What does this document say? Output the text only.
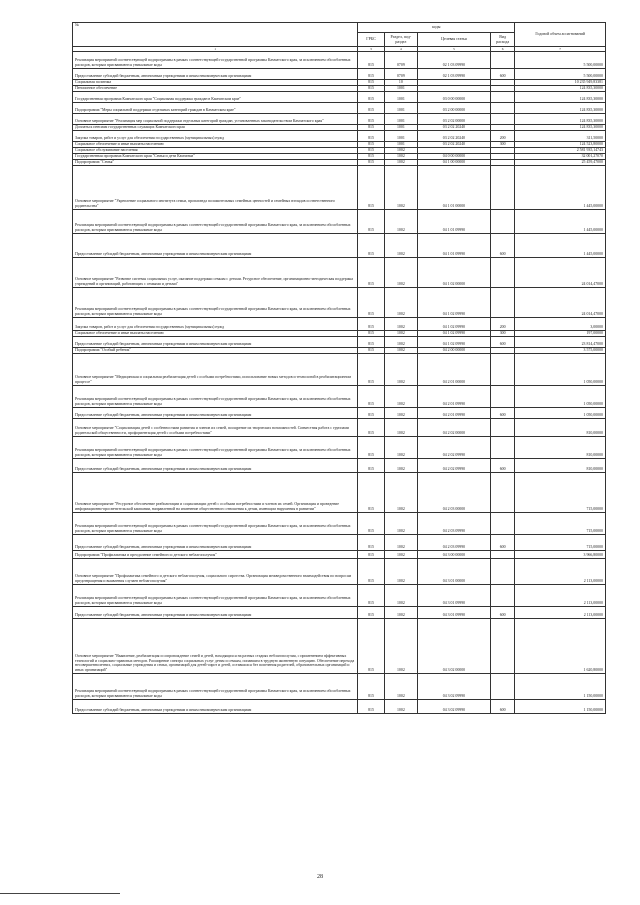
№	коды				Годовой объем ассигнований
	ГРБС	Раздел, под- раздел	Целевая статья	Вид расхода	
1	3	4	5	6	7
Реализация мероприятий соответствующей подпрограммы в рамках соответствующей государственной программы Камчатского края, за исключением обособленных расходов, которым присваиваются уникальные коды	815	0709	02 1 03 09990		5 500,00000
Предоставление субсидий бюджетным, автономным учреждениям и иным некоммерческим организациям	815	0709	02 1 03 09990	600	5 500,00000
Социальная политика	815	10			10 235 949,83381
Пенсионное обеспечение	815	1001			124 835,30000
Государственная программа Камчатского края "Социальная поддержка граждан в Камчатском крае"	815	1001	03 0 00 00000		124 835,30000
Подпрограмма "Меры социальной поддержки отдельных категорий граждан в Камчатском крае"	815	1001	03 2 00 00000		124 835,30000
Основное мероприятие "Реализация мер социальной поддержки отдельных категорий граждан, установленных законодательством Камчатского края"	815	1001	03 2 02 00000		124 835,30000
Доплаты к пенсиям государственных служащих Камчатского края	815	1001	03 2 02 20240		124 835,30000
Закупка товаров, работ и услуг для обеспечения государственных (муниципальных) нужд	815	1001	03 2 02 20240	200	311,50000
Социальное обеспечение и иные выплаты населению	815	1001	03 2 02 20240	300	124 523,80000
Социальное обслуживание населения	815	1002			2 581 935,14743
Государственная программа Камчатского края "Семья и дети Камчатки"	815	1002	04 0 00 00000		32 001,27070
Подпрограмма "Семья"	815	1002	04 1 00 00000		25 459,47000
Основное мероприятие "Укрепление социального института семьи, пропаганда положительных семейных ценностей и семейных взглядов и ответственного родительства"	815	1002	04 1 01 00000		1 445,00000
Реализация мероприятий соответствующей подпрограммы в рамках соответствующей государственной программы Камчатского края, за исключением обособленных расходов, которым присваиваются уникальные коды	815	1002	04 1 01 09990		1 445,00000
Предоставление субсидий бюджетным, автономным учреждениям и иным некоммерческим организациям	815	1002	04 1 01 09990	600	1 445,00000
Основное мероприятие "Развитие системы социальных услуг, оказание поддержки семьям с детьми. Ресурсное обеспечение, организационно-методическая поддержка учреждений и организаций, работающих с семьями и детьми"	815	1002	04 1 02 00000		24 014,47000
Реализация мероприятий соответствующей подпрограммы в рамках соответствующей государственной программы Камчатского края, за исключением обособленных расходов, которым присваиваются уникальные коды	815	1002	04 1 02 09990		24 014,47000
Закупка товаров, работ и услуг для обеспечения государственных (муниципальных) нужд	815	1002	04 1 02 09990	200	3,00000
Социальное обеспечение и иные выплаты населению	815	1002	04 1 02 09990	300	197,00000
Предоставление субсидий бюджетным, автономным учреждениям и иным некоммерческим организациям	815	1002	04 1 02 09990	600	23 814,47000
Подпрограмма "Особый ребенок"	815	1002	04 2 00 00000		3 575,00000
Основное мероприятие "Медицинская и социальная реабилитация детей с особыми потребностями, использование новых методов и технологий в реабилитационном процессе"	815	1002	04 2 01 00000		1 050,00000
Реализация мероприятий соответствующей подпрограммы в рамках соответствующей государственной программы Камчатского края, за исключением обособленных расходов, которым присваиваются уникальные коды	815	1002	04 2 01 09990		1 050,00000
Предоставление субсидий бюджетным, автономным учреждениям и иным некоммерческим организациям	815	1002	04 2 01 09990	600	1 050,00000
Основное мероприятие "Социализация детей с особенностями развития и членов их семей, поощрение их творческих возможностей. Совместная работа с группами родительской общественности, профориентация детей с особыми потребностями"	815	1002	04 2 02 00000		810,00000
Реализация мероприятий соответствующей подпрограммы в рамках соответствующей государственной программы Камчатского края, за исключением обособленных расходов, которым присваиваются уникальные коды	815	1002	04 2 02 09990		810,00000
Предоставление субсидий бюджетным, автономным учреждениям и иным некоммерческим организациям	815	1002	04 2 02 09990	600	810,00000
Основное мероприятие "Ресурсное обеспечение реабилитации и социализации детей с особыми потребностями и членов их семей. Организация и проведение информационно-просветительской кампании, направленной на изменение общественного отношения к детям, имеющим нарушения в развитии"	815	1002	04 2 03 00000		715,00000
Реализация мероприятий соответствующей подпрограммы в рамках соответствующей государственной программы Камчатского края, за исключением обособленных расходов, которым присваиваются уникальные коды	815	1002	04 2 03 09990		715,00000
Предоставление субсидий бюджетным, автономным учреждениям и иным некоммерческим организациям	815	1002	04 2 03 09990	600	715,00000
Подпрограмма "Профилактика и преодоление семейного и детского неблагополучия"	815	1002	04 3 00 00000		3 966,80000
Основное мероприятие "Профилактика семейного и детского неблагополучия, социального сиротства. Организация межведомственного взаимодействия по вопросам предотвращения и выявления случаев неблагополучия"	815	1002	04 3 01 00000		2 113,00000
Реализация мероприятий соответствующей подпрограммы в рамках соответствующей государственной программы Камчатского края, за исключением обособленных расходов, которым присваиваются уникальные коды	815	1002	04 3 01 09990		2 113,00000
Предоставление субсидий бюджетным, автономным учреждениям и иным некоммерческим организациям	815	1002	04 3 01 09990	600	2 113,00000
Основное мероприятие "Выявление, реабилитация и сопровождение семей и детей, находящихся на разных стадиях неблагополучия, с применением эффективных технологий и социально-правовых методов. Расширение спектра социальных услуг детям и семьям, попавшим в трудную жизненную ситуацию. Обеспечение перехода несовершеннолетних, социальные учреждения и семьи, организаций для детей-сирот и детей, оставшихся без попечения родителей, образовательных организаций и иных организаций"	815	1002	04 3 02 00000		1 620,80000
Реализация мероприятий соответствующей подпрограммы в рамках соответствующей государственной программы Камчатского края, за исключением обособленных расходов, которым присваиваются уникальные коды	815	1002	04 3 02 09990		1 150,00000
Предоставление субсидий бюджетным, автономным учреждениям и иным некоммерческим организациям	815	1002	04 3 02 09990	600	1 150,00000
28
